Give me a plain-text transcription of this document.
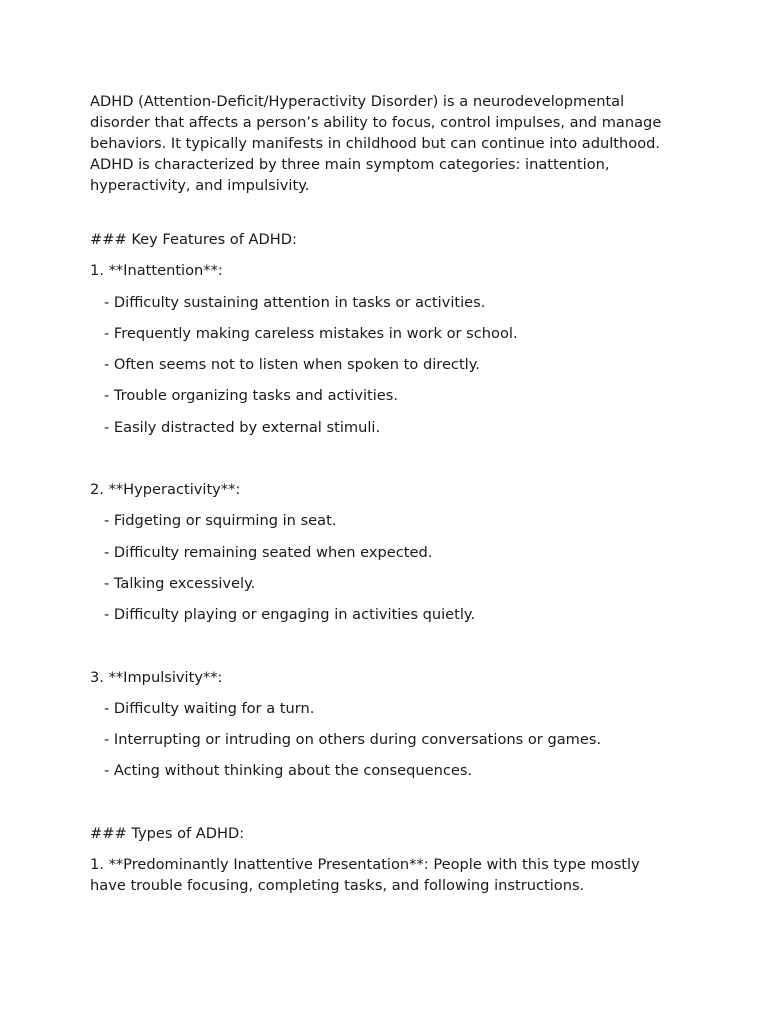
ADHD (Attention-Deficit/Hyperactivity Disorder) is a neurodevelopmental disorder that affects a person’s ability to focus, control impulses, and manage behaviors. It typically manifests in childhood but can continue into adulthood. ADHD is characterized by three main symptom categories: inattention, hyperactivity, and impulsivity.

### Key Features of ADHD:

1. **Inattention**:

- Difficulty sustaining attention in tasks or activities.

- Frequently making careless mistakes in work or school.

- Often seems not to listen when spoken to directly.

- Trouble organizing tasks and activities.

- Easily distracted by external stimuli.

2. **Hyperactivity**:

- Fidgeting or squirming in seat.

- Difficulty remaining seated when expected.

- Talking excessively.

- Difficulty playing or engaging in activities quietly.

3. **Impulsivity**:

- Difficulty waiting for a turn.

- Interrupting or intruding on others during conversations or games.

- Acting without thinking about the consequences.

### Types of ADHD:

1. **Predominantly Inattentive Presentation**: People with this type mostly have trouble focusing, completing tasks, and following instructions.
